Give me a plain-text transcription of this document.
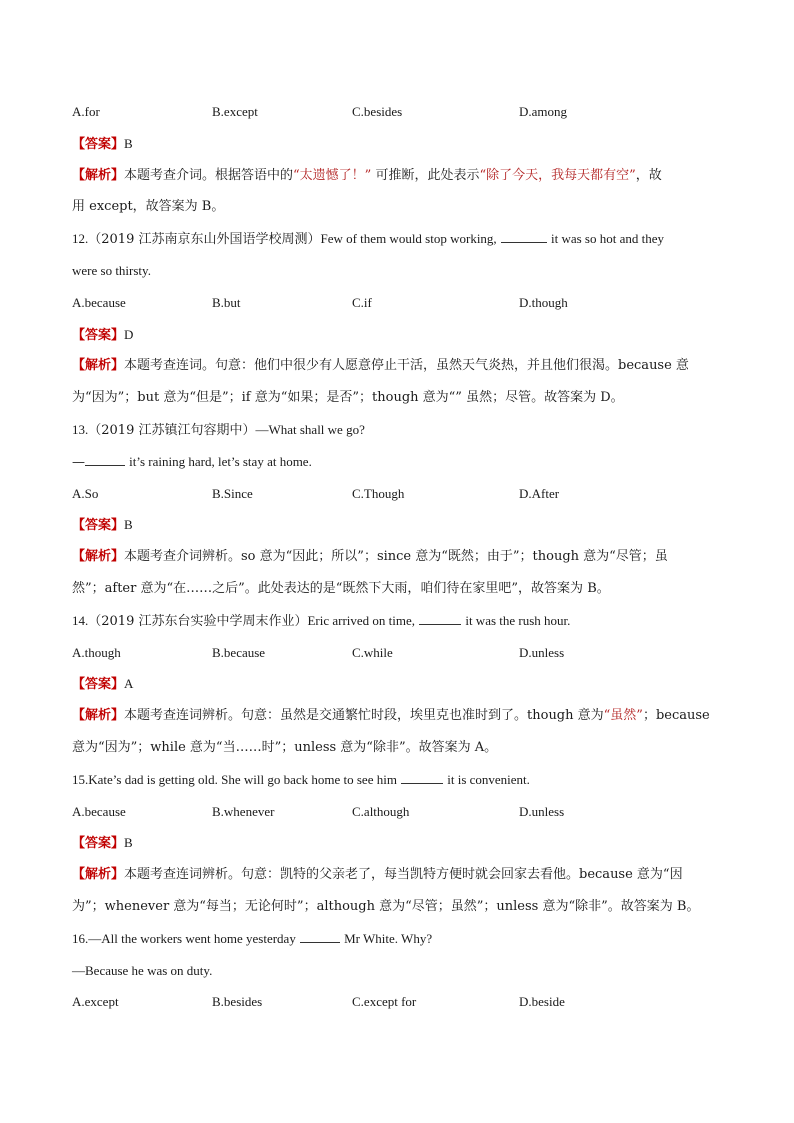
A.for	B.except	C.besides	D.among
【答案】B
【解析】本题考查介词。根据答语中的“太遗憾了！” 可推断，此处表示“除了今天，我每天都有空”，故
用 except，故答案为 B。
12.（2019 江苏南京东山外国语学校周测）Few of them would stop working,	it was so hot and they
were so thirsty.
A.because	B.but	C.if	D.though
【答案】D
【解析】本题考查连词。句意：他们中很少有人愿意停止干活，虽然天气炎热，并且他们很渴。because 意
为“因为”；but 意为“但是”；if 意为“如果；是否”；though 意为“” 虽然；尽管。故答案为 D。
13.（2019 江苏镇江句容期中）—What shall we go?
—	it’s raining hard, let’s stay at home.
A.So	B.Since	C.Though	D.After
【答案】B
【解析】本题考查介词辨析。so 意为“因此；所以”；since 意为“既然；由于”；though 意为“尽管；虽
然”；after 意为“在……之后”。此处表达的是“既然下大雨，咱们待在家里吧”，故答案为 B。
14.（2019 江苏东台实验中学周末作业）Eric arrived on time,	it was the rush hour.
A.though	B.because	C.while	D.unless
【答案】A
【解析】本题考查连词辨析。句意：虽然是交通繁忙时段，埃里克也准时到了。though 意为“虽然”；because
意为“因为”；while 意为“当……时”；unless 意为“除非”。故答案为 A。
15.Kate’s dad is getting old. She will go back home to see him	it is convenient.
A.because	B.whenever	C.although	D.unless
【答案】B
【解析】本题考查连词辨析。句意：凯特的父亲老了，每当凯特方便时就会回家去看他。because 意为“因
为”；whenever 意为“每当；无论何时”；although 意为“尽管；虽然”；unless 意为“除非”。故答案为 B。
16.—All the workers went home yesterday	Mr White. Why?
—Because he was on duty.
A.except	B.besides	C.except for	D.beside
